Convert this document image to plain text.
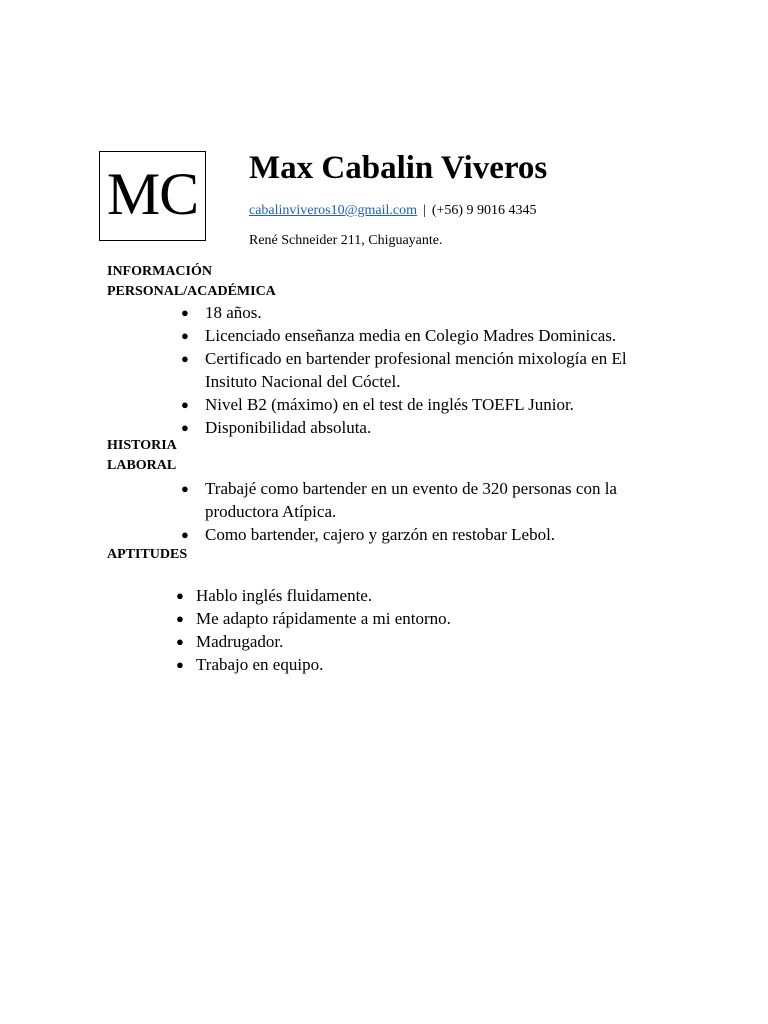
MC Max Cabalin Viveros
cabalinviveros10@gmail.com | (+56) 9 9016 4345
René Schneider 211, Chiguayante.
INFORMACIÓN
PERSONAL/ACADÉMICA
● 18 años.
● Licenciado enseñanza media en Colegio Madres Dominicas.
● Certificado en bartender profesional mención mixología en El Insituto Nacional del Cóctel.
● Nivel B2 (máximo) en el test de inglés TOEFL Junior.
● Disponibilidad absoluta.
HISTORIA
LABORAL
● Trabajé como bartender en un evento de 320 personas con la productora Atípica.
● Como bartender, cajero y garzón en restobar Lebol.
APTITUDES
● Hablo inglés fluidamente.
● Me adapto rápidamente a mi entorno.
● Madrugador.
● Trabajo en equipo.
